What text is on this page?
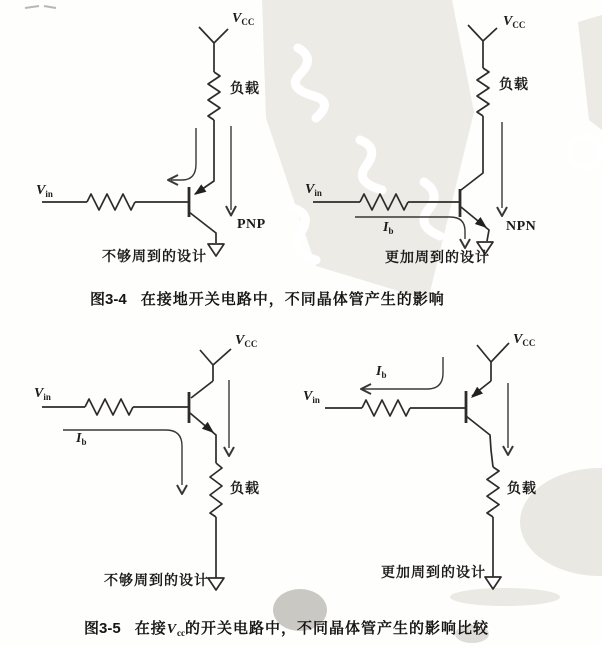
$V_{CC}$
负载
$V_{in}$
PNP
不够周到的设计
$V_{CC}$
负载
$V_{in}$
$I_b$	NPN
更加周到的设计
图3-4 在接地开关电路中，不同晶体管产生的影响
$V_{CC}$
$V_{in}$
$I_b$
负载
不够周到的设计
$V_{CC}$
$I_b$
$V_{in}$
负载
更加周到的设计
图3-5 在接$V_{cc}$的开关电路中，不同晶体管产生的影响比较
